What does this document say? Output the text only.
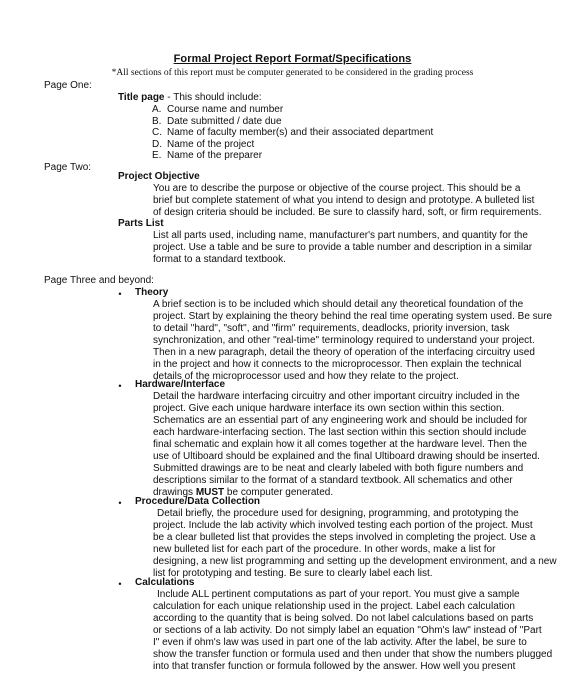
Formal Project Report Format/Specifications
*All sections of this report must be computer generated to be considered in the grading process
Page One:
Title page - This should include:
A. Course name and number
B. Date submitted / date due
C. Name of faculty member(s) and their associated department
D. Name of the project
E. Name of the preparer
Page Two:
Project Objective
You are to describe the purpose or objective of the course project. This should be a
brief but complete statement of what you intend to design and prototype. A bulleted list
of design criteria should be included. Be sure to classify hard, soft, or firm requirements.
Parts List
List all parts used, including name, manufacturer's part numbers, and quantity for the
project. Use a table and be sure to provide a table number and description in a similar
format to a standard textbook.
Page Three and beyond:
• Theory
A brief section is to be included which should detail any theoretical foundation of the
project. Start by explaining the theory behind the real time operating system used. Be sure
to detail "hard", "soft", and "firm" requirements, deadlocks, priority inversion, task
synchronization, and other "real-time" terminology required to understand your project.
Then in a new paragraph, detail the theory of operation of the interfacing circuitry used
in the project and how it connects to the microprocessor. Then explain the technical
details of the microprocessor used and how they relate to the project.
• Hardware/Interface
Detail the hardware interfacing circuitry and other important circuitry included in the
project. Give each unique hardware interface its own section within this section.
Schematics are an essential part of any engineering work and should be included for
each hardware-interfacing section. The last section within this section should include
final schematic and explain how it all comes together at the hardware level. Then the
use of Ultiboard should be explained and the final Ultiboard drawing should be inserted.
Submitted drawings are to be neat and clearly labeled with both figure numbers and
descriptions similar to the format of a standard textbook. All schematics and other
drawings MUST be computer generated.
• Procedure/Data Collection
Detail briefly, the procedure used for designing, programming, and prototyping the
project. Include the lab activity which involved testing each portion of the project. Must
be a clear bulleted list that provides the steps involved in completing the project. Use a
new bulleted list for each part of the procedure. In other words, make a list for
designing, a new list programming and setting up the development environment, and a new
list for prototyping and testing. Be sure to clearly label each list.
• Calculations
Include ALL pertinent computations as part of your report. You must give a sample
calculation for each unique relationship used in the project. Label each calculation
according to the quantity that is being solved. Do not label calculations based on parts
or sections of a lab activity. Do not simply label an equation "Ohm's law" instead of "Part
I" even if ohm's law was used in part one of the lab activity. After the label, be sure to
show the transfer function or formula used and then under that show the numbers plugged
into that transfer function or formula followed by the answer. How well you present
